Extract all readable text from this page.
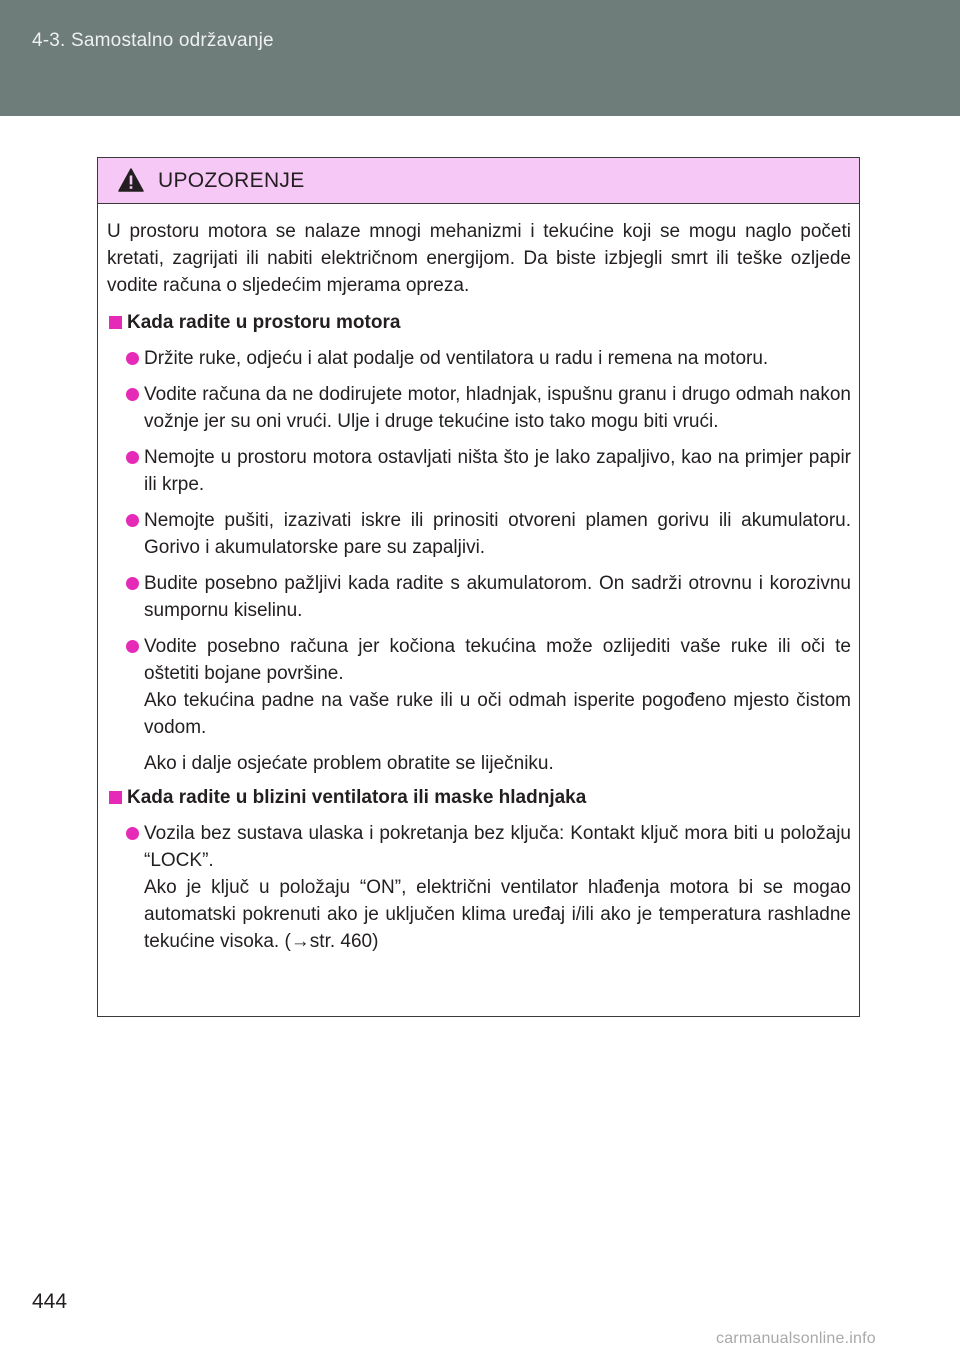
4-3. Samostalno održavanje
UPOZORENJE

U prostoru motora se nalaze mnogi mehanizmi i tekućine koji se mogu naglo početi kretati, zagrijati ili nabiti električnom energijom. Da biste izbjegli smrt ili teške ozljede vodite računa o sljedećim mjerama opreza.

Kada radite u prostoru motora
Držite ruke, odjeću i alat podalje od ventilatora u radu i remena na motoru.
Vodite računa da ne dodirujete motor, hladnjak, ispušnu granu i drugo odmah nakon vožnje jer su oni vrući. Ulje i druge tekućine isto tako mogu biti vrući.
Nemojte u prostoru motora ostavljati ništa što je lako zapaljivo, kao na primjer papir ili krpe.
Nemojte pušiti, izazivati iskre ili prinositi otvoreni plamen gorivu ili akumulatoru. Gorivo i akumulatorske pare su zapaljivi.
Budite posebno pažljivi kada radite s akumulatorom. On sadrži otrovnu i korozivnu sumpornu kiselinu.
Vodite posebno računa jer kočiona tekućina može ozlijediti vaše ruke ili oči te oštetiti bojane površine.
Ako tekućina padne na vaše ruke ili u oči odmah isperite pogođeno mjesto čistom vodom.

Ako i dalje osjećate problem obratite se liječniku.

Kada radite u blizini ventilatora ili maske hladnjaka
Vozila bez sustava ulaska i pokretanja bez ključa: Kontakt ključ mora biti u položaju “LOCK”.
Ako je ključ u položaju “ON”, električni ventilator hlađenja motora bi se mogao automatski pokrenuti ako je uključen klima uređaj i/ili ako je temperatura rashladne tekućine visoka. (→str. 460)
444
carmanualsonline.info
